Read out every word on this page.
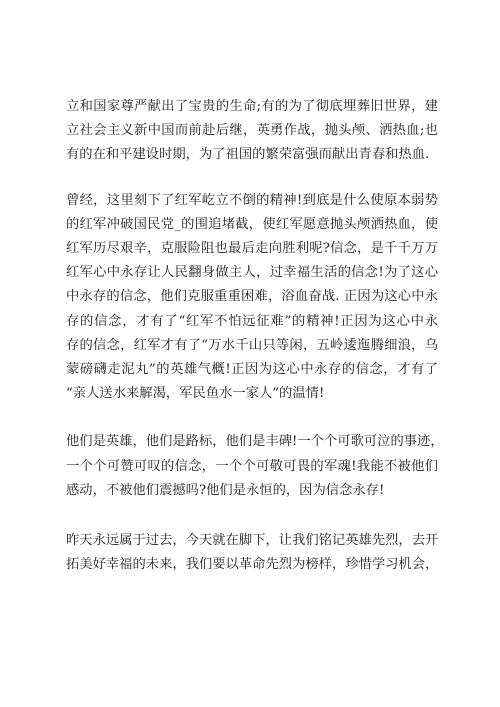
立和国家尊严献出了宝贵的生命;有的为了彻底埋葬旧世界，建
立社会主义新中国而前赴后继，英勇作战，抛头颅、洒热血;也
有的在和平建设时期，为了祖国的繁荣富强而献出青春和热血.

曾经，这里刻下了红军屹立不倒的精神!到底是什么使原本弱势
的红军冲破国民党_的围追堵截，使红军愿意抛头颅洒热血，使
红军历尽艰辛，克服险阻也最后走向胜利呢?信念，是千千万万
红军心中永存让人民翻身做主人，过幸福生活的信念!为了这心
中永存的信念，他们克服重重困难，浴血奋战. 正因为这心中永
存的信念，才有了“红军不怕远征难”的精神!正因为这心中永
存的信念，红军才有了“万水千山只等闲，五岭逶迤腾细浪，乌
蒙磅礴走泥丸”的英雄气概!正因为这心中永存的信念，才有了
“亲人送水来解渴，军民鱼水一家人”的温情!

他们是英雄，他们是路标，他们是丰碑!一个个可歌可泣的事迹，
一个个可赞可叹的信念，一个个可敬可畏的军魂!我能不被他们
感动，不被他们震撼吗?他们是永恒的，因为信念永存!

昨天永远属于过去，今天就在脚下，让我们铭记英雄先烈，去开
拓美好幸福的未来，我们要以革命先烈为榜样，珍惜学习机会，
